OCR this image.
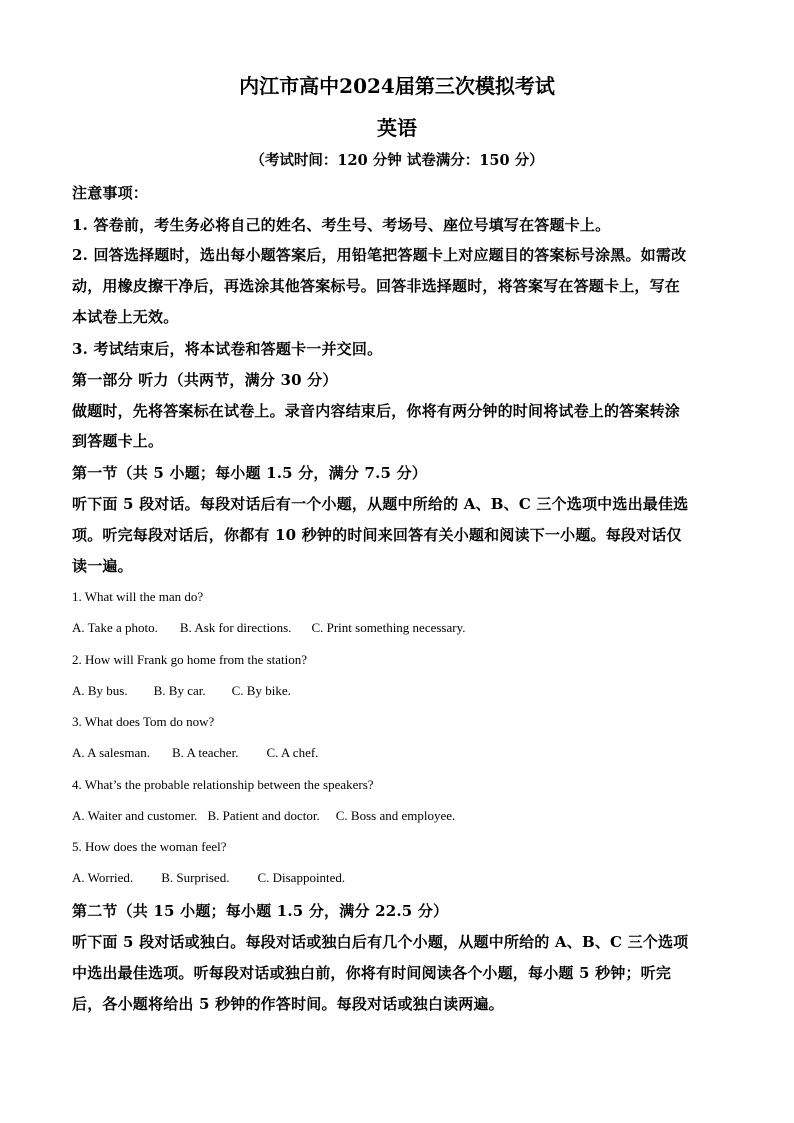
内江市高中2024届第三次模拟考试
英语
（考试时间：120 分钟 试卷满分：150 分）
注意事项：
1. 答卷前，考生务必将自己的姓名、考生号、考场号、座位号填写在答题卡上。
2. 回答选择题时，选出每小题答案后，用铅笔把答题卡上对应题目的答案标号涂黑。如需改
动，用橡皮擦干净后，再选涂其他答案标号。回答非选择题时，将答案写在答题卡上，写在
本试卷上无效。
3. 考试结束后，将本试卷和答题卡一并交回。
第一部分 听力（共两节，满分 30 分）
做题时，先将答案标在试卷上。录音内容结束后，你将有两分钟的时间将试卷上的答案转涂
到答题卡上。
第一节（共 5 小题；每小题 1.5 分，满分 7.5 分）
听下面 5 段对话。每段对话后有一个小题，从题中所给的 A、B、C 三个选项中选出最佳选
项。听完每段对话后，你都有 10 秒钟的时间来回答有关小题和阅读下一小题。每段对话仅
读一遍。
1. What will the man do?
A. Take a photo. B. Ask for directions. C. Print something necessary.
2. How will Frank go home from the station?
A. By bus. B. By car. C. By bike.
3. What does Tom do now?
A. A salesman. B. A teacher. C. A chef.
4. What’s the probable relationship between the speakers?
A. Waiter and customer. B. Patient and doctor. C. Boss and employee.
5. How does the woman feel?
A. Worried. B. Surprised. C. Disappointed.
第二节（共 15 小题；每小题 1.5 分，满分 22.5 分）
听下面 5 段对话或独白。每段对话或独白后有几个小题，从题中所给的 A、B、C 三个选项
中选出最佳选项。听每段对话或独白前，你将有时间阅读各个小题，每小题 5 秒钟；听完
后，各小题将给出 5 秒钟的作答时间。每段对话或独白读两遍。
